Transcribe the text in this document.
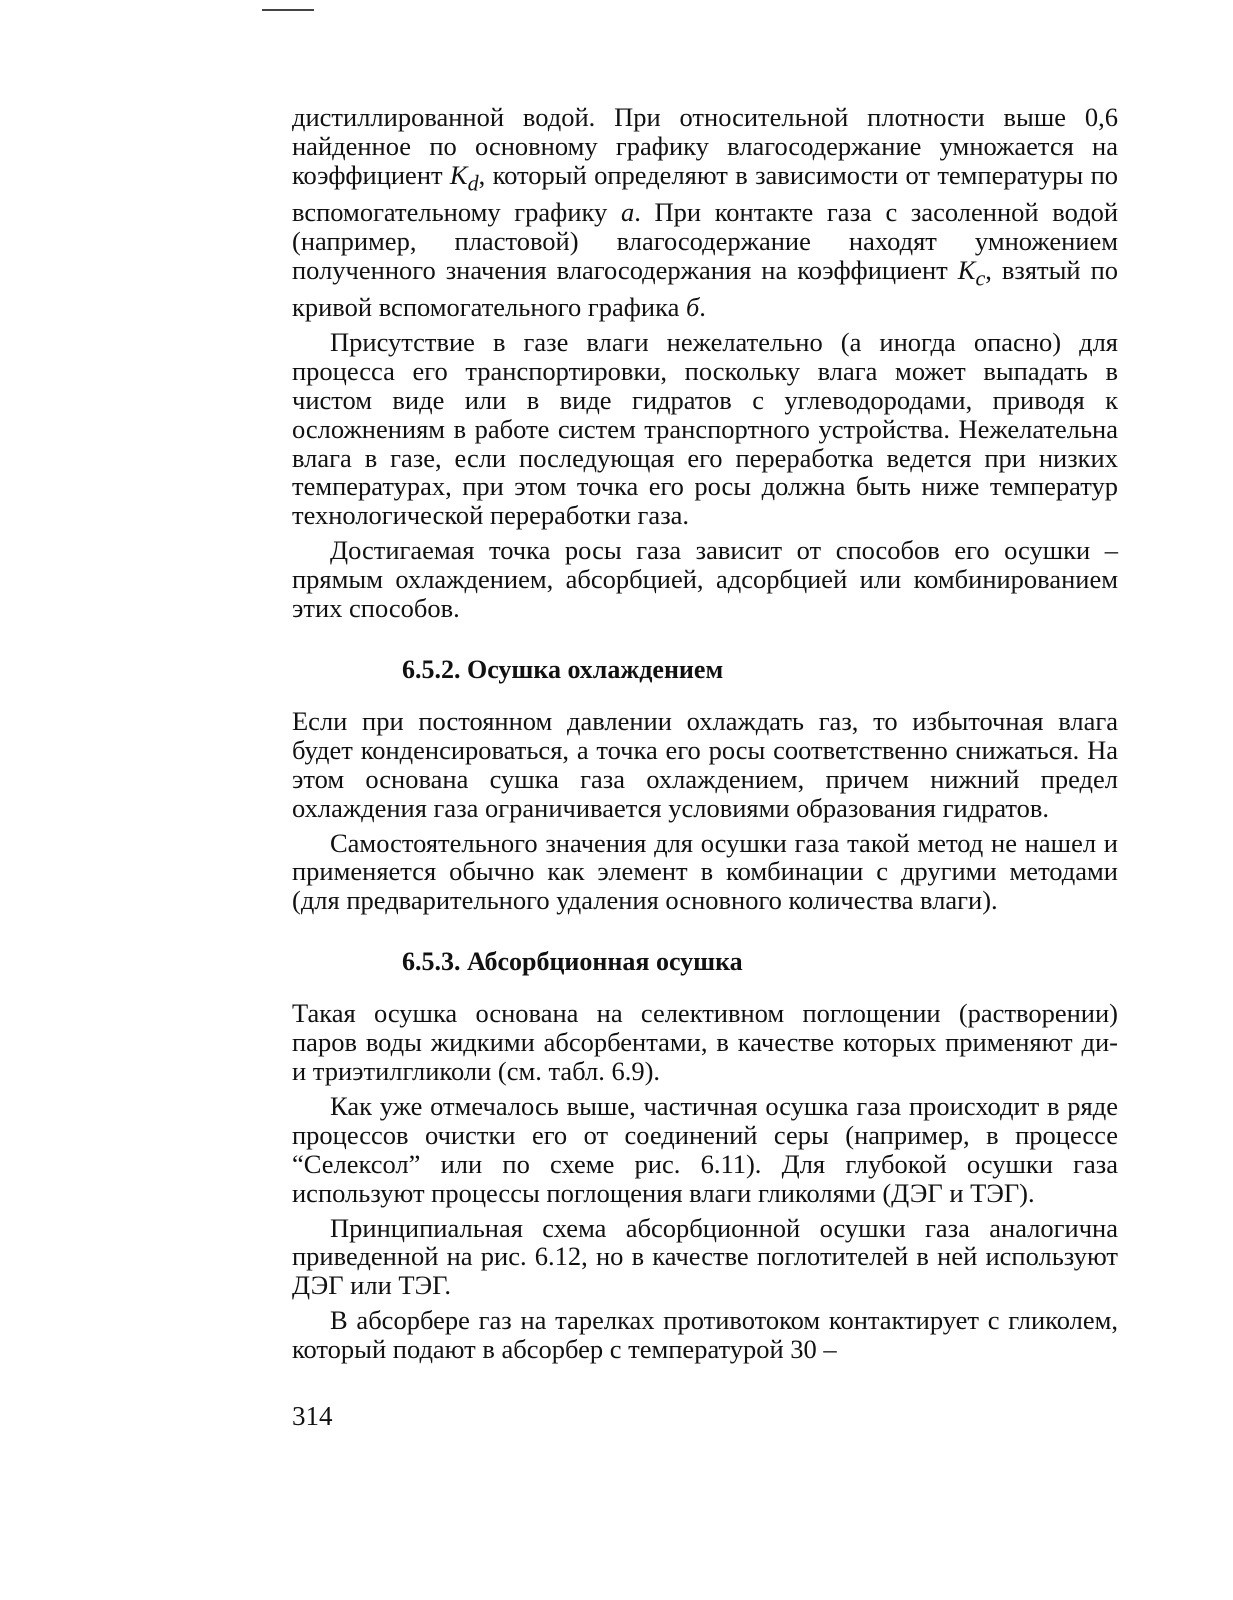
дистиллированной водой. При относительной плотности выше 0,6 найденное по основному графику влагосодержание умножается на коэффициент $K_d$, который определяют в зависимости от температуры по вспомогательному графику а. При контакте газа с засоленной водой (например, пластовой) влагосодержание находят умножением полученного значения влагосодержания на коэффициент $K_c$, взятый по кривой вспомогательного графика б.

Присутствие в газе влаги нежелательно (а иногда опасно) для процесса его транспортировки, поскольку влага может выпадать в чистом виде или в виде гидратов с углеводородами, приводя к осложнениям в работе систем транспортного устройства. Нежелательна влага в газе, если последующая его переработка ведется при низких температурах, при этом точка его росы должна быть ниже температур технологической переработки газа.

Достигаемая точка росы газа зависит от способов его осушки – прямым охлаждением, абсорбцией, адсорбцией или комбинированием этих способов.

6.5.2. Осушка охлаждением

Если при постоянном давлении охлаждать газ, то избыточная влага будет конденсироваться, а точка его росы соответственно снижаться. На этом основана сушка газа охлаждением, причем нижний предел охлаждения газа ограничивается условиями образования гидратов.

Самостоятельного значения для осушки газа такой метод не нашел и применяется обычно как элемент в комбинации с другими методами (для предварительного удаления основного количества влаги).

6.5.3. Абсорбционная осушка

Такая осушка основана на селективном поглощении (растворении) паров воды жидкими абсорбентами, в качестве которых применяют ди- и триэтилгликоли (см. табл. 6.9).

Как уже отмечалось выше, частичная осушка газа происходит в ряде процессов очистки его от соединений серы (например, в процессе “Селексол” или по схеме рис. 6.11). Для глубокой осушки газа используют процессы поглощения влаги гликолями (ДЭГ и ТЭГ).

Принципиальная схема абсорбционной осушки газа аналогична приведенной на рис. 6.12, но в качестве поглотителей в ней используют ДЭГ или ТЭГ.

В абсорбере газ на тарелках противотоком контактирует с гликолем, который подают в абсорбер с температурой 30 –

314
